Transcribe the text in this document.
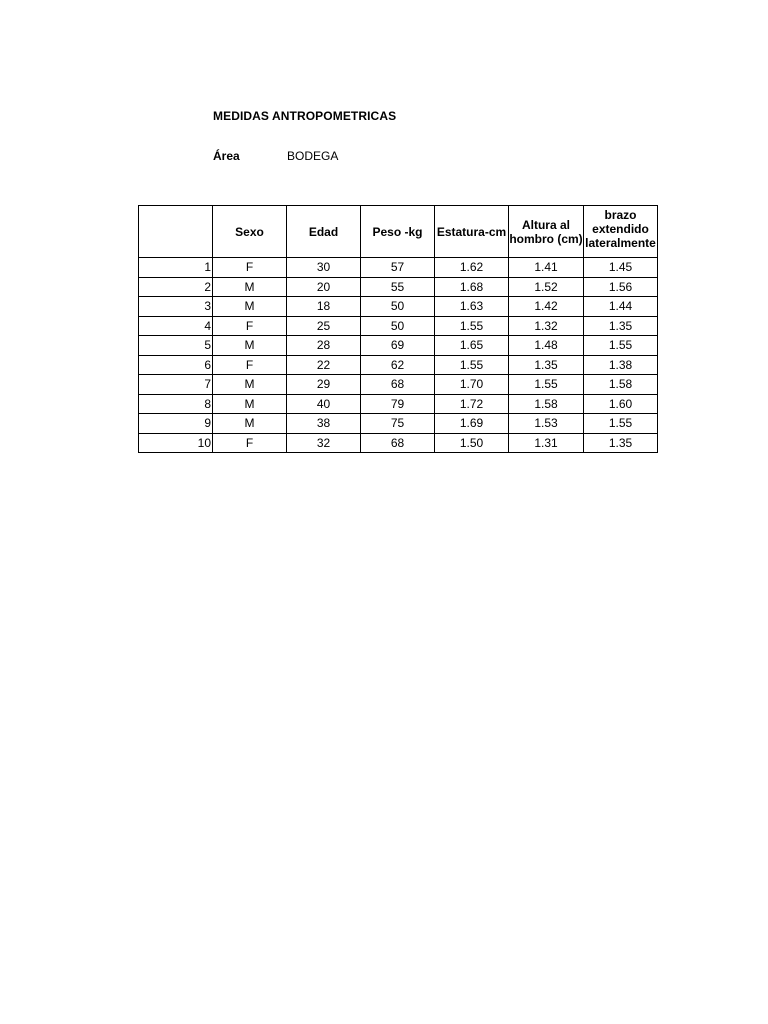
MEDIDAS ANTROPOMETRICAS
Área	BODEGA
	Sexo	Edad	Peso -kg	Estatura-cm	Altura al hombro (cm)	brazo extendido lateralmente

1	F	30	57	1.62	1.41	1.45
2	M	20	55	1.68	1.52	1.56
3	M	18	50	1.63	1.42	1.44
4	F	25	50	1.55	1.32	1.35
5	M	28	69	1.65	1.48	1.55
6	F	22	62	1.55	1.35	1.38
7	M	29	68	1.70	1.55	1.58
8	M	40	79	1.72	1.58	1.60
9	M	38	75	1.69	1.53	1.55
10	F	32	68	1.50	1.31	1.35
